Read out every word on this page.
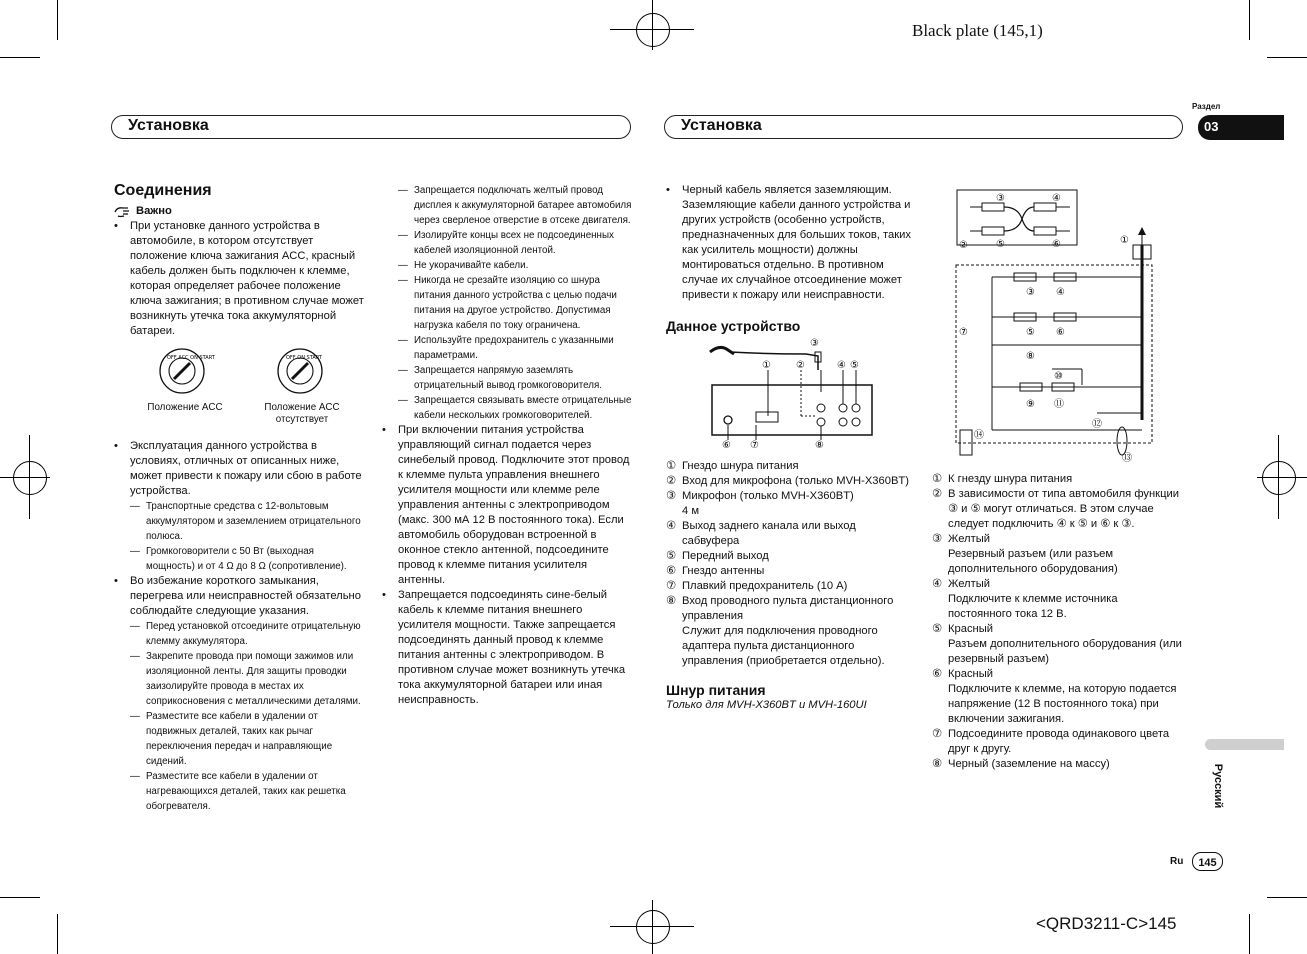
Black plate (145,1)
Раздел
03
Установка	Установка
Соединения
Важно
•	При установке данного устройства в автомобиле, в котором отсутствует положение ключа зажигания ACC, красный кабель должен быть подключен к клемме, которая определяет рабочее положение ключа зажигания; в противном случае может возникнуть утечка тока аккумуляторной батареи.
OFF ACC ON START	OFF ON START
Положение ACC	Положение ACC отсутствует
•	Эксплуатация данного устройства в условиях, отличных от описанных ниже, может привести к пожару или сбою в работе устройства.
— Транспортные средства с 12-вольтовым аккумулятором и заземлением отрицательного полюса.
— Громкоговорители с 50 Вт (выходная мощность) и от 4 Ω до 8 Ω (сопротивление).
•	Во избежание короткого замыкания, перегрева или неисправностей обязательно соблюдайте следующие указания.
— Перед установкой отсоедините отрицательную клемму аккумулятора.
— Закрепите провода при помощи зажимов или изоляционной ленты. Для защиты проводки заизолируйте провода в местах их соприкосновения с металлическими деталями.
— Разместите все кабели в удалении от подвижных деталей, таких как рычаг переключения передач и направляющие сидений.
— Разместите все кабели в удалении от нагревающихся деталей, таких как решетка обогревателя.
— Запрещается подключать желтый провод дисплея к аккумуляторной батарее автомобиля через сверленое отверстие в отсеке двигателя.
— Изолируйте концы всех не подсоединенных кабелей изоляционной лентой.
— Не укорачивайте кабели.
— Никогда не срезайте изоляцию со шнура питания данного устройства с целью подачи питания на другое устройство. Допустимая нагрузка кабеля по току ограничена.
— Используйте предохранитель с указанными параметрами.
— Запрещается напрямую заземлять отрицательный вывод громкоговорителя.
— Запрещается связывать вместе отрицательные кабели нескольких громкоговорителей.
•	При включении питания устройства управляющий сигнал подается через синебелый провод. Подключите этот провод к клемме пульта управления внешнего усилителя мощности или клемме реле управления антенны с электроприводом (макс. 300 мА 12 В постоянного тока). Если автомобиль оборудован встроенной в оконное стекло антенной, подсоедините провод к клемме питания усилителя антенны.
•	Запрещается подсоединять сине-белый кабель к клемме питания внешнего усилителя мощности. Также запрещается подсоединять данный провод к клемме питания антенны с электроприводом. В противном случае может возникнуть утечка тока аккумуляторной батареи или иная неисправность.
•	Черный кабель является заземляющим. Заземляющие кабели данного устройства и других устройств (особенно устройств, предназначенных для больших токов, таких как усилитель мощности) должны монтироваться отдельно. В противном случае их случайное отсоединение может привести к пожару или неисправности.
Данное устройство
③
①	②	④ ⑤
⑥ ⑦	⑧
① Гнездо шнура питания
② Вход для микрофона (только MVH-X360BT)
③ Микрофон (только MVH-X360BT)
4 м
④ Выход заднего канала или выход сабвуфера
⑤ Передний выход
⑥ Гнездо антенны
⑦ Плавкий предохранитель (10 А)
⑧ Вход проводного пульта дистанционного управления
Служит для подключения проводного адаптера пульта дистанционного управления (приобретается отдельно).
Шнур питания
Только для MVH-X360BT и MVH-160UI
③	④
②	⑤	⑥	①
③ ④
⑦	⑤ ⑥
⑧
⑩
⑨ ⑪
⑫
⑭
⑬
① К гнезду шнура питания
② В зависимости от типа автомобиля функции ③ и ⑤ могут отличаться. В этом случае следует подключить ④ к ⑤ и ⑥ к ③.
③ Желтый
Резервный разъем (или разъем дополнительного оборудования)
④ Желтый
Подключите к клемме источника постоянного тока 12 В.
⑤ Красный
Разъем дополнительного оборудования (или резервный разъем)
⑥ Красный
Подключите к клемме, на которую подается напряжение (12 В постоянного тока) при включении зажигания.
⑦ Подсоедините провода одинакового цвета друг к другу.
⑧ Черный (заземление на массу)	Русский
Ru	145
<QRD3211-C>145
